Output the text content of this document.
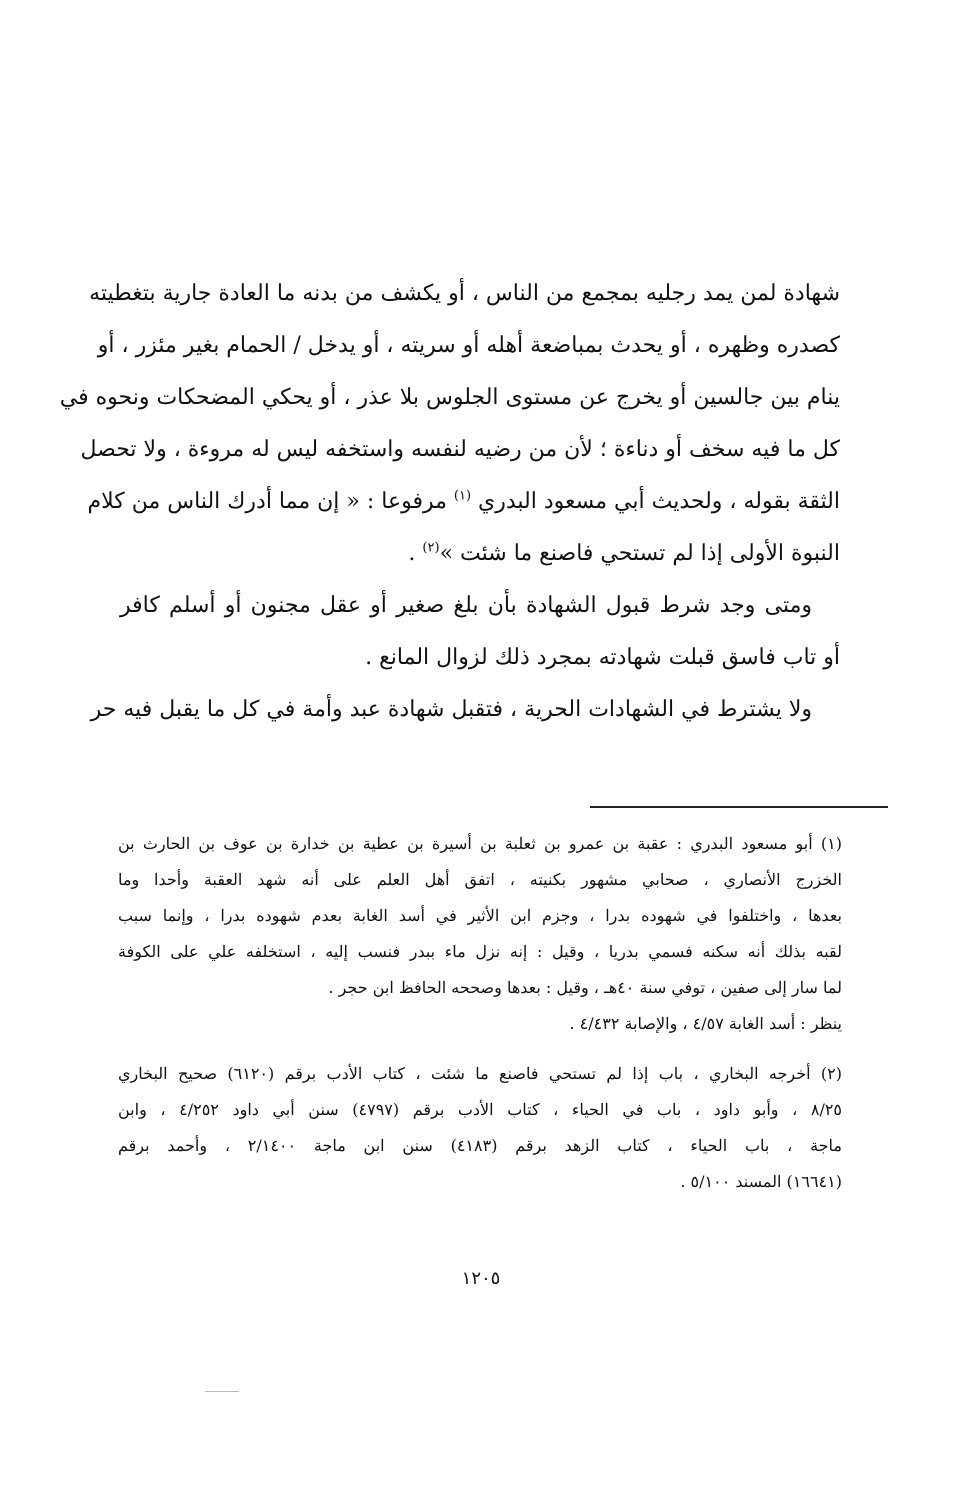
شهادة لمن يمد رجليه بمجمع من الناس ، أو يكشف من بدنه ما العادة جارية بتغطيته
كصدره وظهره ، أو يحدث بمباضعة أهله أو سريته ، أو يدخل / الحمام بغير مئزر ، أو
ينام بين جالسين أو يخرج عن مستوى الجلوس بلا عذر ، أو يحكي المضحكات ونحوه في
كل ما فيه سخف أو دناءة ؛ لأن من رضيه لنفسه واستخفه ليس له مروءة ، ولا تحصل
الثقة بقوله ، ولحديث أبي مسعود البدري $^{(١)}$ مرفوعا : « إن مما أدرك الناس من كلام
النبوة الأولى إذا لم تستحي فاصنع ما شئت »$^{(٢)}$ .
ومتى وجد شرط قبول الشهادة بأن بلغ صغير أو عقل مجنون أو أسلم كافر
أو تاب فاسق قبلت شهادته بمجرد ذلك لزوال المانع .
ولا يشترط في الشهادات الحرية ، فتقبل شهادة عبد وأمة في كل ما يقبل فيه حر
(١) أبو مسعود البدري : عقبة بن عمرو بن ثعلبة بن أسيرة بن عطية بن خدارة بن عوف بن الحارث بن
الخزرج الأنصاري ، صحابي مشهور بكنيته ، اتفق أهل العلم على أنه شهد العقبة وأحدا وما
بعدها ، واختلفوا في شهوده بدرا ، وجزم ابن الأثير في أسد الغابة بعدم شهوده بدرا ، وإنما سبب
لقبه بذلك أنه سكنه فسمي بدريا ، وقيل : إنه نزل ماء ببدر فنسب إليه ، استخلفه علي على الكوفة
لما سار إلى صفين ، توفي سنة ٤٠هـ ، وقيل : بعدها وصححه الحافظ ابن حجر .
ينظر : أسد الغابة ٤/٥٧ ، والإصابة ٤/٤٣٢ .
(٢) أخرجه البخاري ، باب إذا لم تستحي فاصنع ما شئت ، كتاب الأدب برقم (٦١٢٠) صحيح البخاري
٨/٢٥ ، وأبو داود ، باب في الحياء ، كتاب الأدب برقم (٤٧٩٧) سنن أبي داود ٤/٢٥٢ ، وابن
ماجة ، باب الحياء ، كتاب الزهد برقم (٤١٨٣) سنن ابن ماجة ٢/١٤٠٠ ، وأحمد برقم
(١٦٦٤١) المسند ٥/١٠٠ .
١٢٠٥
